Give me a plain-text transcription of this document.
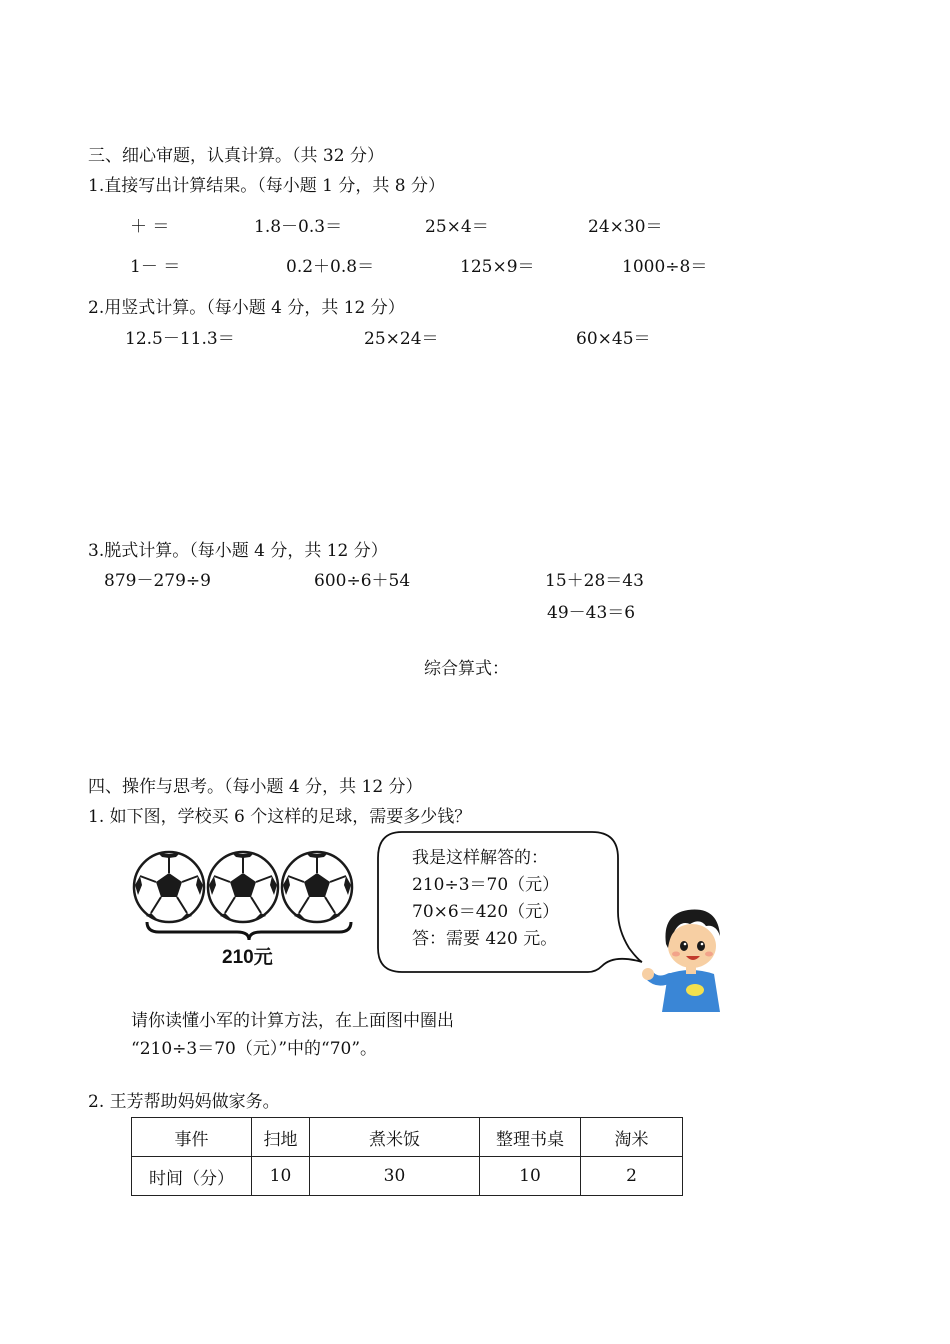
三、细心审题，认真计算。（共 32 分）
1.直接写出计算结果。（每小题 1 分，共 8 分）
＋ ＝	1.8－0.3＝	25×4＝	24×30＝
1－ ＝	0.2＋0.8＝	125×9＝	1000÷8＝
2.用竖式计算。（每小题 4 分，共 12 分）
12.5－11.3＝	25×24＝	60×45＝
3.脱式计算。（每小题 4 分，共 12 分）
879－279÷9	600÷6＋54	15＋28＝43
49－43＝6
综合算式：
四、操作与思考。（每小题 4 分，共 12 分）
1. 如下图，学校买 6 个这样的足球，需要多少钱？
210元
我是这样解答的：
210÷3＝70（元）
70×6＝420（元）
答：需要 420 元。
请你读懂小军的计算方法，在上面图中圈出
“210÷3＝70（元）”中的“70”。
2. 王芳帮助妈妈做家务。
事件	扫地	煮米饭	整理书桌	淘米
时间（分）	10	30	10	2
